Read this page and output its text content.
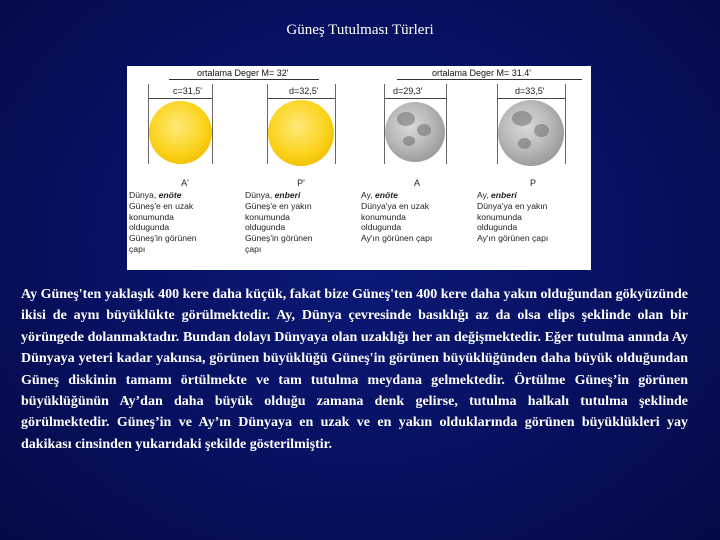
Güneş Tutulması Türleri
ortalama Deger M= 32'	ortalama Deger M= 31.4'
c=31,5'
A'
Dünya, enöte
Güneş'e en uzak
konumunda
oldugunda
Güneş'in görünen
çapı
d=32,5'
P'
Dünya, enberi
Güneş'e en yakın
konumunda
oldugunda
Güneş'in görünen
çapı
d=29,3'
A
Ay, enöte
Dünya'ya en uzak
konumunda
oldugunda
Ay'ın görünen çapı
d=33,5'
P
Ay, enberi
Dünya'ya en yakın
konumunda
oldugunda
Ay'ın görünen çapı
Ay Güneş'ten yaklaşık 400 kere daha küçük, fakat bize Güneş'ten 400 kere daha yakın olduğundan gökyüzünde ikisi de aynı büyüklükte görülmektedir. Ay, Dünya çevresinde basıklığı az da olsa elips şeklinde olan bir yörüngede dolanmaktadır. Bundan dolayı Dünyaya olan uzaklığı her an değişmektedir. Eğer tutulma anında Ay Dünyaya yeteri kadar yakınsa, görünen büyüklüğü Güneş'in görünen büyüklüğünden daha büyük olduğundan Güneş diskinin tamamı örtülmekte ve tam tutulma meydana gelmektedir. Örtülme Güneş’in görünen büyüklüğünün Ay’dan daha büyük olduğu zamana denk gelirse, tutulma halkalı tutulma şeklinde görülmektedir. Güneş’in ve Ay’ın Dünyaya en uzak ve en yakın olduklarında görünen büyüklükleri yay dakikası cinsinden yukarıdaki şekilde gösterilmiştir.
